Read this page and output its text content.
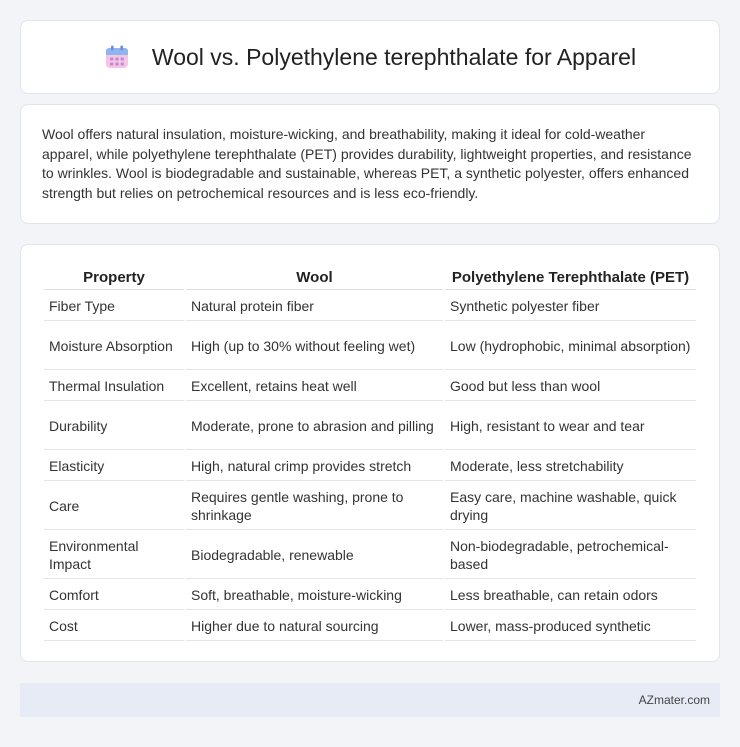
Wool vs. Polyethylene terephthalate for Apparel

Wool offers natural insulation, moisture-wicking, and breathability, making it ideal for cold-weather apparel, while polyethylene terephthalate (PET) provides durability, lightweight properties, and resistance to wrinkles. Wool is biodegradable and sustainable, whereas PET, a synthetic polyester, offers enhanced strength but relies on petrochemical resources and is less eco-friendly.

Property	Wool	Polyethylene Terephthalate (PET)
Fiber Type	Natural protein fiber	Synthetic polyester fiber
Moisture Absorption	High (up to 30% without feeling wet)	Low (hydrophobic, minimal absorption)
Thermal Insulation	Excellent, retains heat well	Good but less than wool
Durability	Moderate, prone to abrasion and pilling	High, resistant to wear and tear
Elasticity	High, natural crimp provides stretch	Moderate, less stretchability
Care	Requires gentle washing, prone to shrinkage	Easy care, machine washable, quick drying
Environmental Impact	Biodegradable, renewable	Non-biodegradable, petrochemical-based
Comfort	Soft, breathable, moisture-wicking	Less breathable, can retain odors
Cost	Higher due to natural sourcing	Lower, mass-produced synthetic
AZmater.com
